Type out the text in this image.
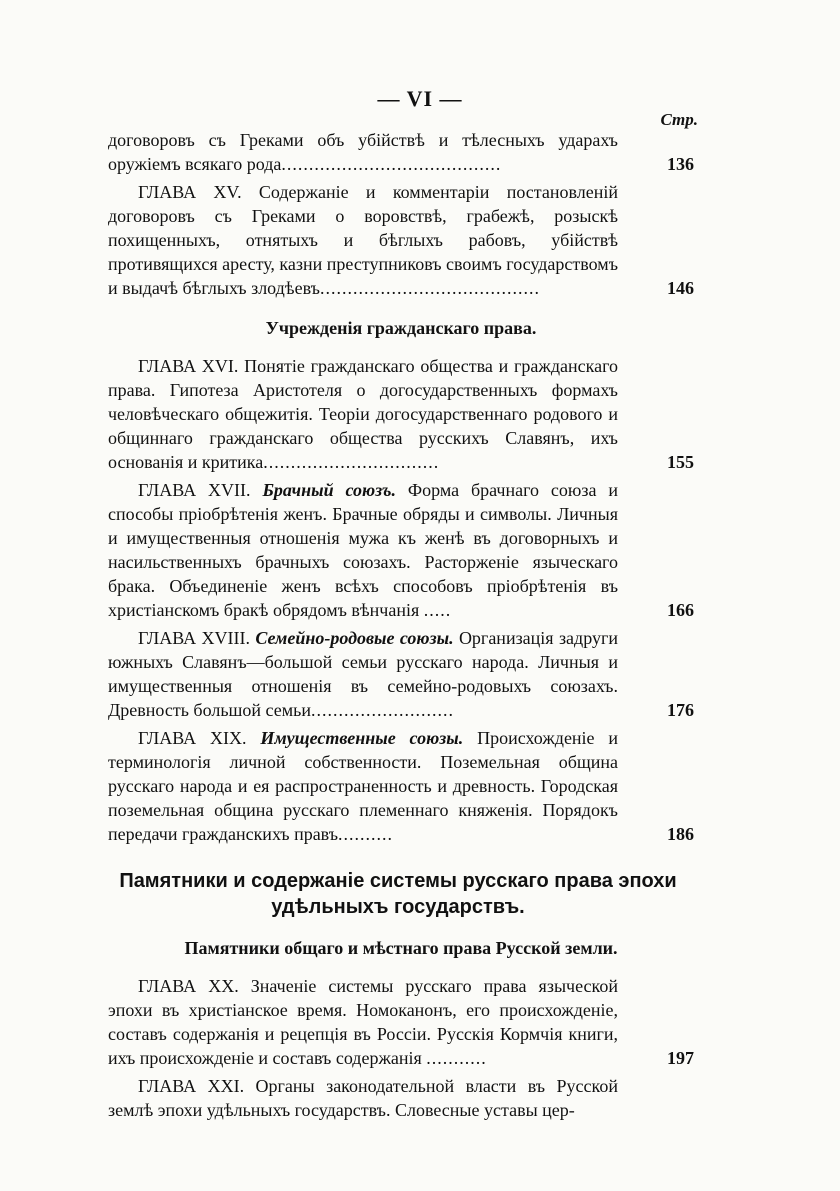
— VI —
Стр.
договоровъ съ Греками объ убійствѣ и тѣлесныхъ ударахъ оружіемъ всякаго рода........................................	136
ГЛАВА XV. Содержаніе и комментаріи постановленій договоровъ съ Греками о воровствѣ, грабежѣ, розыскѣ похищенныхъ, отнятыхъ и бѣглыхъ рабовъ, убійствѣ противящихся аресту, казни преступниковъ своимъ государствомъ и выдачѣ бѣглыхъ злодѣевъ........................................	146
Учрежденія гражданскаго права.
ГЛАВА XVI. Понятіе гражданскаго общества и гражданскаго права. Гипотеза Аристотеля о догосударственныхъ формахъ человѣческаго общежитія. Теоріи догосударственнаго родового и общиннаго гражданскаго общества русскихъ Славянъ, ихъ основанія и критика................................	155
ГЛАВА XVII. Брачный союзъ. Форма брачнаго союза и способы пріобрѣтенія женъ. Брачные обряды и символы. Личныя и имущественныя отношенія мужа къ женѣ въ договорныхъ и насильственныхъ брачныхъ союзахъ. Расторженіе языческаго брака. Объединеніе женъ всѣхъ способовъ пріобрѣтенія въ христіанскомъ бракѣ обрядомъ вѣнчанія .....	166
ГЛАВА XVIII. Семейно-родовые союзы. Организація задруги южныхъ Славянъ—большой семьи русскаго народа. Личныя и имущественныя отношенія въ семейно-родовыхъ союзахъ. Древность большой семьи..........................	176
ГЛАВА XIX. Имущественные союзы. Происхожденіе и терминологія личной собственности. Поземельная община русскаго народа и ея распространенность и древность. Городская поземельная община русскаго племеннаго княженія. Порядокъ передачи гражданскихъ правъ..........	186
Памятники и содержаніе системы русскаго права эпохи удѣльныхъ государствъ.
Памятники общаго и мѣстнаго права Русской земли.
ГЛАВА XX. Значеніе системы русскаго права языческой эпохи въ христіанское время. Номоканонъ, его происхожденіе, составъ содержанія и рецепція въ Россіи. Русскія Кормчія книги, ихъ происхожденіе и составъ содержанія ...........	197
ГЛАВА XXI. Органы законодательной власти въ Русской землѣ эпохи удѣльныхъ государствъ. Словесные уставы цер-
